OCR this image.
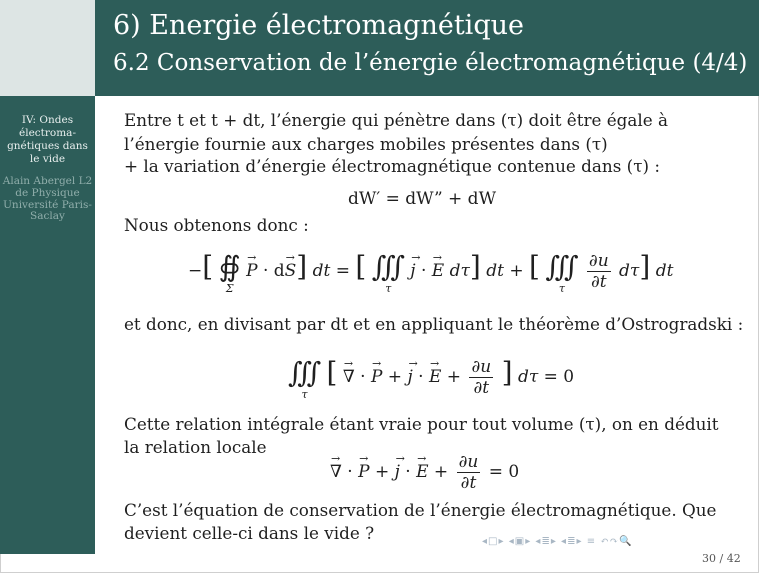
6) Energie électromagnétique
6.2 Conservation de l’énergie électromagnétique (4/4)
IV: Ondes électroma-gnétiques dans le vide
Alain Abergel L2 de Physique Université Paris-Saclay
Entre t et t + dt, l’énergie qui pénètre dans (τ) doit être égale à
l’énergie fournie aux charges mobiles présentes dans (τ)
+ la variation d’énergie électromagnétique contenue dans (τ) :
dW′ = dW” + dW
Nous obtenons donc :
−[ ∯
Σ
→ P · d→ S] dt = [ ∭
τ
→ j · → E dτ] dt + [ ∭
τ
$\frac{\partial u}{\partial t} d\tau$] dt
et donc, en divisant par dt et en appliquant le théorème d’Ostrogradski :
∭
τ
[ → ∇ · → P + → j · → $E + \frac{\partial u}{\partial t}$ ] dτ = 0
Cette relation intégrale étant vraie pour tout volume (τ), on en déduit
la relation locale
→ ∇ · → P + → j · → $E + \frac{\partial u}{\partial t} = 0$
C’est l’équation de conservation de l’énergie électromagnétique. Que
devient celle-ci dans le vide ?	◂□▸ ◂▣▸ ◂≣▸ ◂≣▸ ≡ ↶↷🔍
30 / 42
